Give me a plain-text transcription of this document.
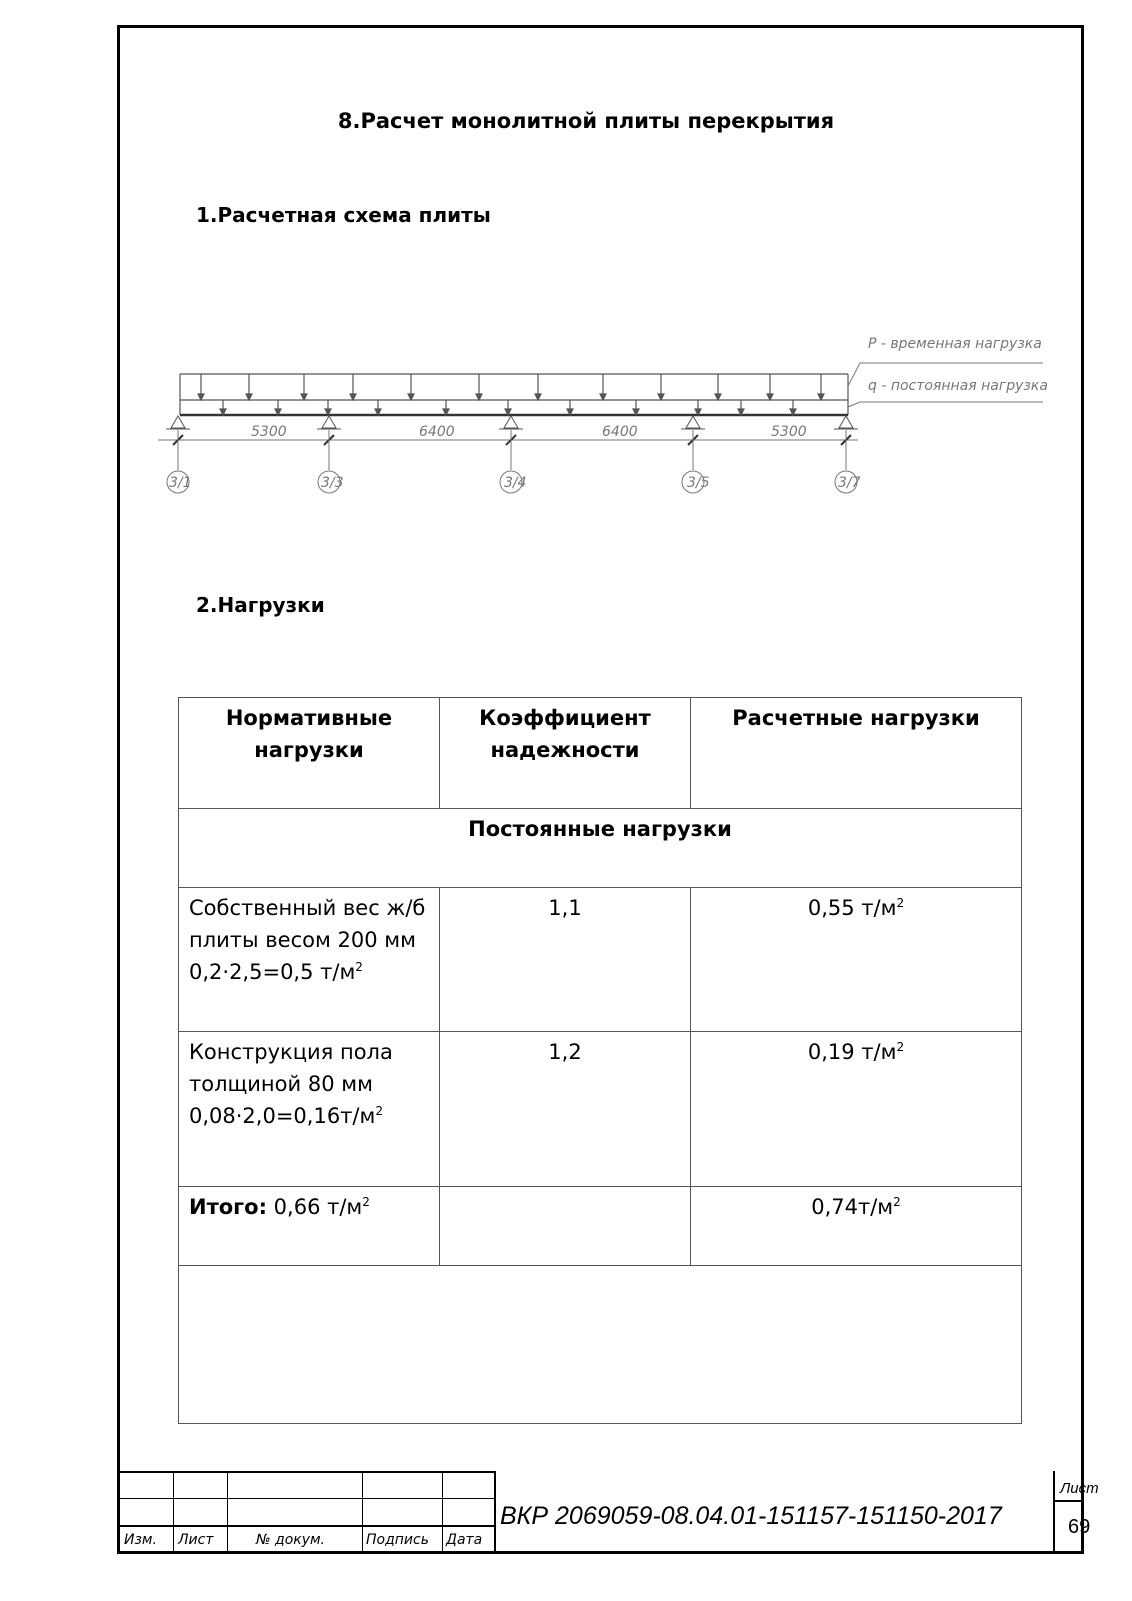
8.Расчет монолитной плиты перекрытия
1.Расчетная схема плиты
P - временная нагрузка
q - постоянная нагрузка
5300	6400	6400	5300
3/1	3/3	3/4	3/5	3/7
2.Нагрузки
Нормативные нагрузки	Коэффициент надежности	Расчетные нагрузки
Постоянные нагрузки		

Собственный вес ж/б
плиты весом 200 мм
0,2·2,5=0,5 $т/м^2$	1,1	0,55 $т/м^2$

Конструкция пола
толщиной 80 мм
$0,08\cdot 2,0=0,16т/м^2$	1,2	0,19 $т/м^2$
Итого: 0,66 $т/м^2$		$0,74т/м^2$

Изм. Лист	№ докум.	Подпись Дата
ВКР 2069059-08.04.01-151157-151150-2017
Лист
69
